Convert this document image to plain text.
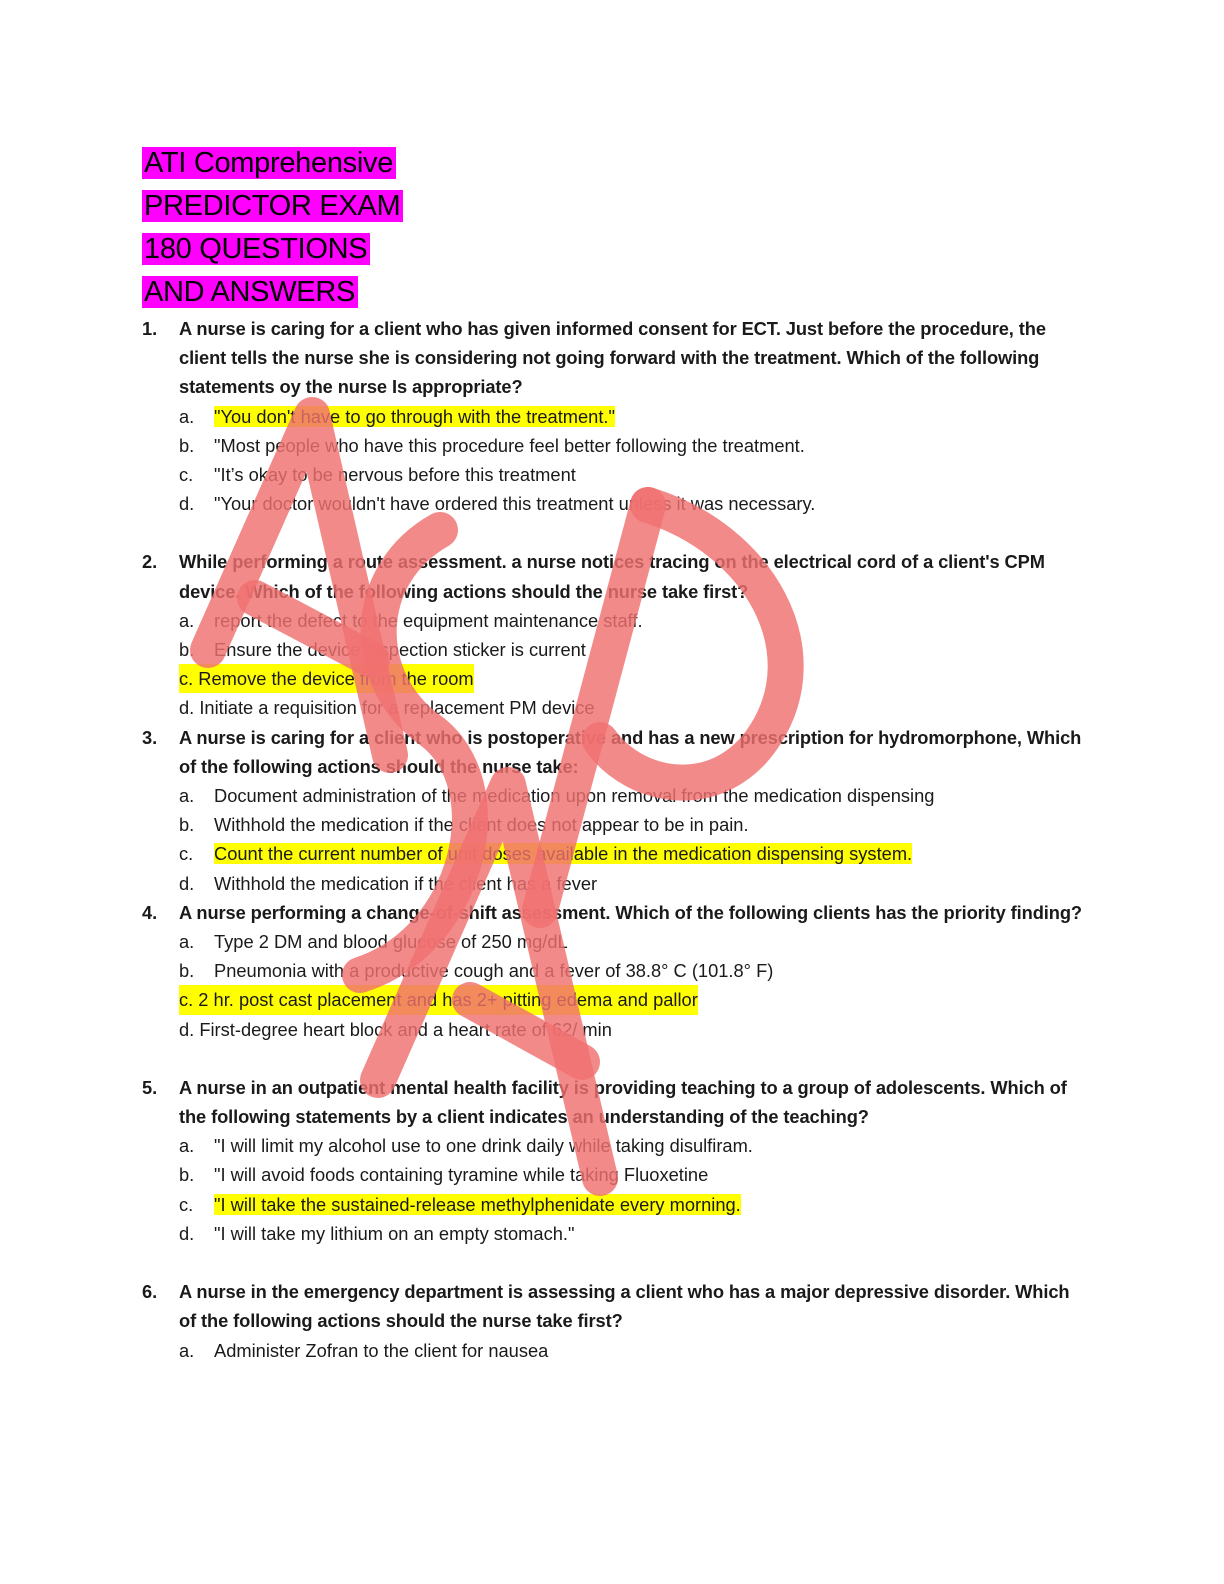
ATI Comprehensive
PREDICTOR EXAM
180 QUESTIONS
AND ANSWERS
1.	A nurse is caring for a client who has given informed consent for ECT. Just before the procedure, the client tells the nurse she is considering not going forward with the treatment. Which of the following statements oy the nurse Is appropriate?
a.	"You don't have to go through with the treatment."
b.	"Most people who have this procedure feel better following the treatment.
c.	"It’s okay to be nervous before this treatment
d.	"Your doctor wouldn't have ordered this treatment unless it was necessary.
2.	While performing a route assessment. a nurse notices tracing on the electrical cord of a client's CPM device. Which of the following actions should the nurse take first?
a.	report the defect to the equipment maintenance staff.
b.	Ensure the device inspection sticker is current
c. Remove the device from the room
d. Initiate a requisition for a replacement PM device
3.	A nurse is caring for a client who is postoperative and has a new prescription for hydromorphone, Which of the following actions should the nurse take:
a.	Document administration of the medication upon removal from the medication dispensing
b.	Withhold the medication if the client does not appear to be in pain.
c.	Count the current number of unit doses available in the medication dispensing system.
d.	Withhold the medication if the client has a fever
4.	A nurse performing a change-of-shift assessment. Which of the following clients has the priority finding?
a.	Type 2 DM and blood glucose of 250 mg/dL
b.	Pneumonia with a productive cough and a fever of 38.8° C (101.8° F)
c. 2 hr. post cast placement and has 2+ pitting edema and pallor
d. First-degree heart block and a heart rate of 62/ min
5.	A nurse in an outpatient mental health facility is providing teaching to a group of adolescents. Which of the following statements by a client indicates an understanding of the teaching?
a.	"I will limit my alcohol use to one drink daily while taking disulfiram.
b.	"I will avoid foods containing tyramine while taking Fluoxetine
c.	"I will take the sustained-release methylphenidate every morning.
d.	"I will take my lithium on an empty stomach."
6.	A nurse in the emergency department is assessing a client who has a major depressive disorder. Which of the following actions should the nurse take first?
a.	Administer Zofran to the client for nausea
